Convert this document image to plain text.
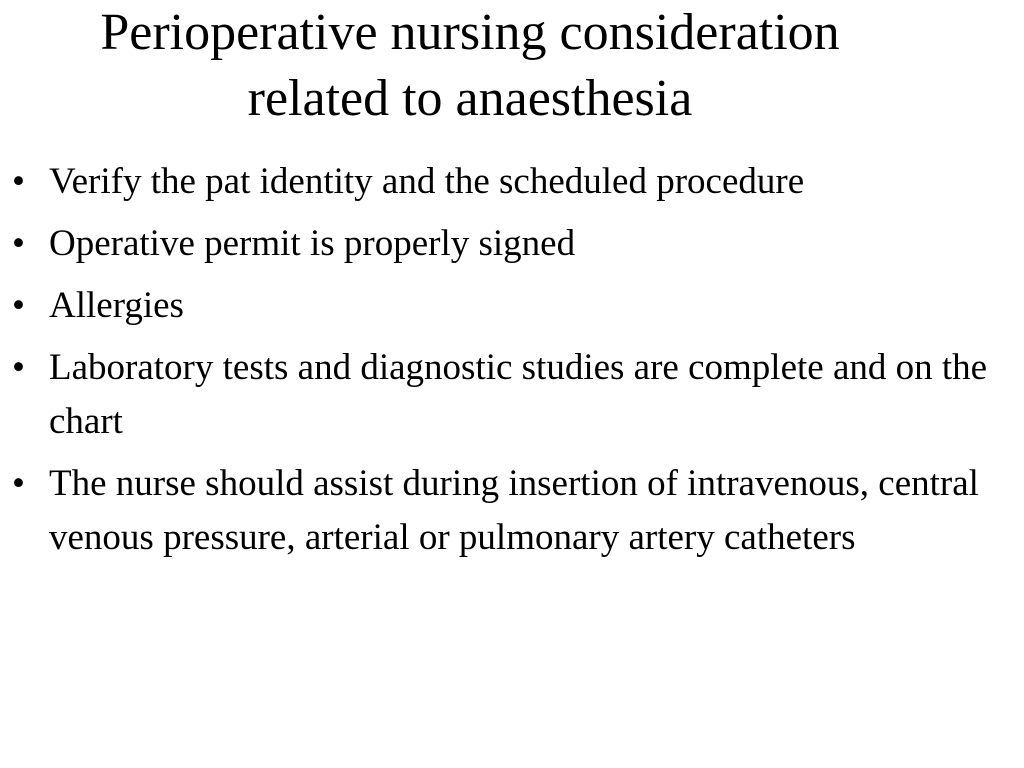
Perioperative nursing consideration
related to anaesthesia
• Verify the pat identity and the scheduled procedure
• Operative permit is properly signed
• Allergies
• Laboratory tests and diagnostic studies are complete and on the chart
• The nurse should assist during insertion of intravenous, central venous pressure, arterial or pulmonary artery catheters
